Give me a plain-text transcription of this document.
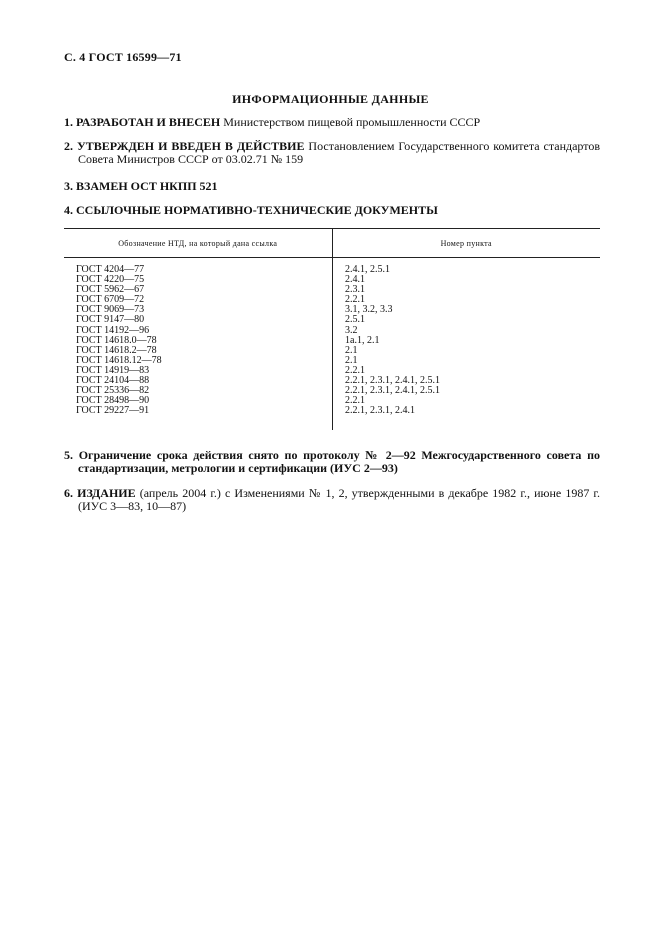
С. 4 ГОСТ 16599—71
ИНФОРМАЦИОННЫЕ ДАННЫЕ
1. РАЗРАБОТАН И ВНЕСЕН Министерством пищевой промышленности СССР
2. УТВЕРЖДЕН И ВВЕДЕН В ДЕЙСТВИЕ Постановлением Государственного комитета стандартов Совета Министров СССР от 03.02.71 № 159
3. ВЗАМЕН ОСТ НКПП 521
4. ССЫЛОЧНЫЕ НОРМАТИВНО-ТЕХНИЧЕСКИЕ ДОКУМЕНТЫ
Обозначение НТД, на который дана ссылка	Номер пункта
ГОСТ 4204—77
ГОСТ 4220—75
ГОСТ 5962—67
ГОСТ 6709—72
ГОСТ 9069—73
ГОСТ 9147—80
ГОСТ 14192—96
ГОСТ 14618.0—78
ГОСТ 14618.2—78
ГОСТ 14618.12—78
ГОСТ 14919—83
ГОСТ 24104—88
ГОСТ 25336—82
ГОСТ 28498—90
ГОСТ 29227—91
2.4.1, 2.5.1
2.4.1
2.3.1
2.2.1
3.1, 3.2, 3.3
2.5.1
3.2
1а.1, 2.1
2.1
2.1
2.2.1
2.2.1, 2.3.1, 2.4.1, 2.5.1
2.2.1, 2.3.1, 2.4.1, 2.5.1
2.2.1
2.2.1, 2.3.1, 2.4.1
5. Ограничение срока действия снято по протоколу № 2—92 Межгосударственного совета по стандартизации, метрологии и сертификации (ИУС 2—93)
6. ИЗДАНИЕ (апрель 2004 г.) с Изменениями № 1, 2, утвержденными в декабре 1982 г., июне 1987 г. (ИУС 3—83, 10—87)
